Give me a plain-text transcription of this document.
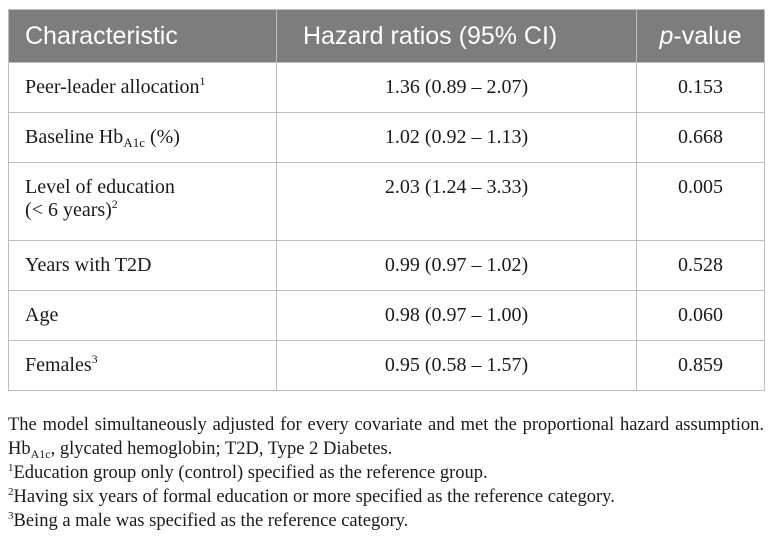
Characteristic	Hazard ratios (95% CI)	p-value
Peer-leader allocation$^1$	1.36 (0.89 – 2.07)	0.153
Baseline $Hb_{A1c}$ (%)	1.02 (0.92 – 1.13)	0.668
Level of education
(< 6 years)$^2$	2.03 (1.24 – 3.33)	0.005
Years with T2D	0.99 (0.97 – 1.02)	0.528
Age	0.98 (0.97 – 1.00)	0.060
Females$^3$	0.95 (0.58 – 1.57)	0.859

The model simultaneously adjusted for every covariate and met the proportional hazard assumption. $Hb_{A1c}$, glycated hemoglobin; T2D, Type 2 Diabetes.

$^1$Education group only (control) specified as the reference group.

$^2$Having six years of formal education or more specified as the reference category.

$^3$Being a male was specified as the reference category.
